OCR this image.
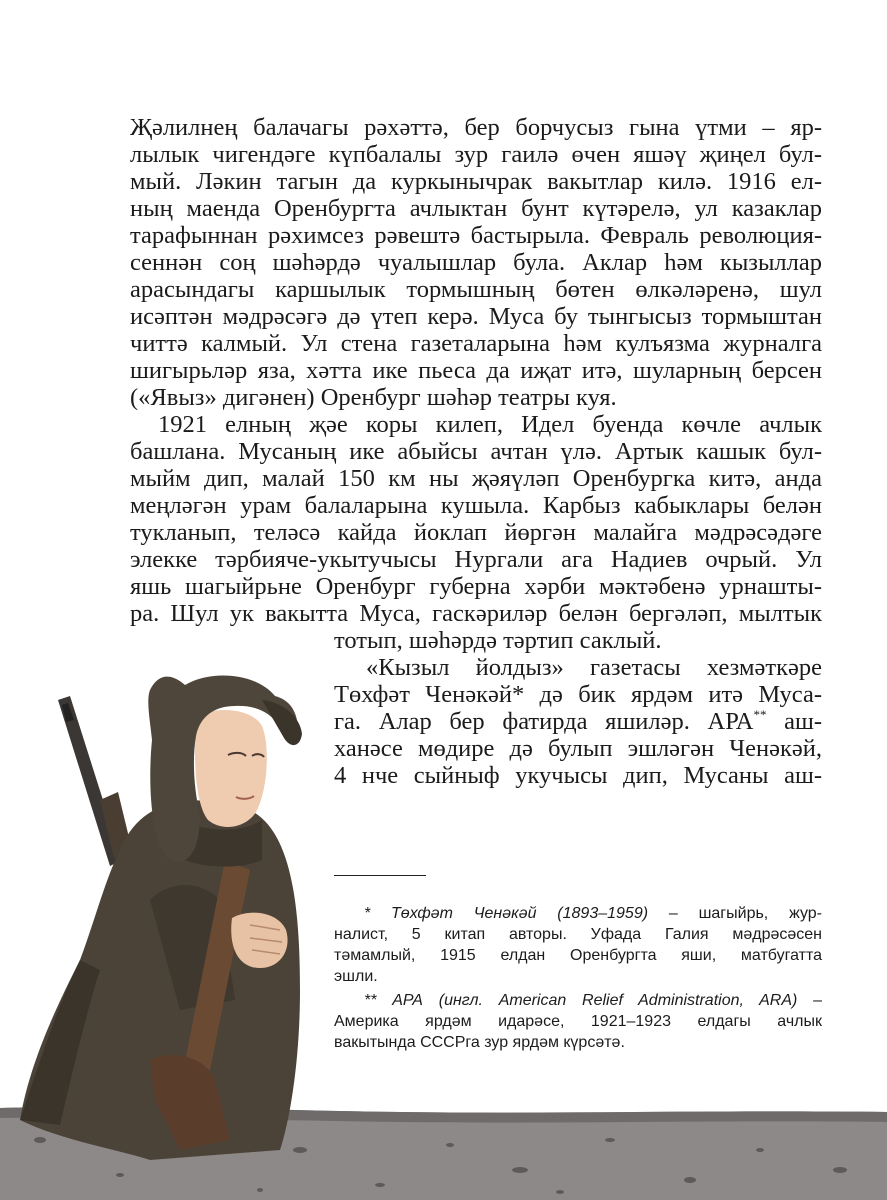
Җәлилнең балачагы рәхәттә, бер борчусыз гына үтми – яр-

лылык чигендәге күпбалалы зур гаилә өчен яшәү җиңел бул-

мый. Ләкин тагын да куркынычрак вакытлар килә. 1916 ел-

ның маенда Оренбургта ачлыктан бунт күтәрелә, ул казаклар

тарафыннан рәхимсез рәвештә бастырыла. Февраль революция-

сеннән соң шәһәрдә чуалышлар була. Аклар һәм кызыллар

арасындагы каршылык тормышның бөтен өлкәләренә, шул

исәптән мәдрәсәгә дә үтеп керә. Муса бу тынгысыз тормыштан

читтә калмый. Ул стена газеталарына һәм кулъязма журналга

шигырьләр яза, хәтта ике пьеса да иҗат итә, шуларның берсен

(«Явыз» дигәнен) Оренбург шәһәр театры куя.

1921 елның җәе коры килеп, Идел буенда көчле ачлык

башлана. Мусаның ике абыйсы ачтан үлә. Артык кашык бул-

мыйм дип, малай 150 км ны җәяүләп Оренбургка китә, анда

меңләгән урам балаларына кушыла. Карбыз кабыклары белән

тукланып, теләсә кайда йоклап йөргән малайга мәдрәсәдәге

элекке тәрбияче-укытучысы Нургали ага Надиев очрый. Ул

яшь шагыйрьне Оренбург губерна хәрби мәктәбенә урнашты-

ра. Шул ук вакытта Муса, гаскәриләр белән бергәләп, мылтык

тотып, шәһәрдә тәртип саклый.

«Кызыл йолдыз» газетасы хезмәткәре

Төхфәт Ченәкәй* дә бик ярдәм итә Муса-

га. Алар бер фатирда яшиләр. АРА** аш-

ханәсе мөдире дә булып эшләгән Ченәкәй,

4 нче сыйныф укучысы дип, Мусаны аш-

* Төхфәт Ченәкәй (1893–1959) – шагыйрь, жур-

налист, 5 китап авторы. Уфада Галия мәдрәсәсен

тәмамлый, 1915 елдан Оренбургта яши, матбугатта

эшли.

** АРА (ингл. American Relief Administration, ARA) –

Америка ярдәм идарәсе, 1921–1923 елдагы ачлык

вакытында СССРга зур ярдәм күрсәтә.
